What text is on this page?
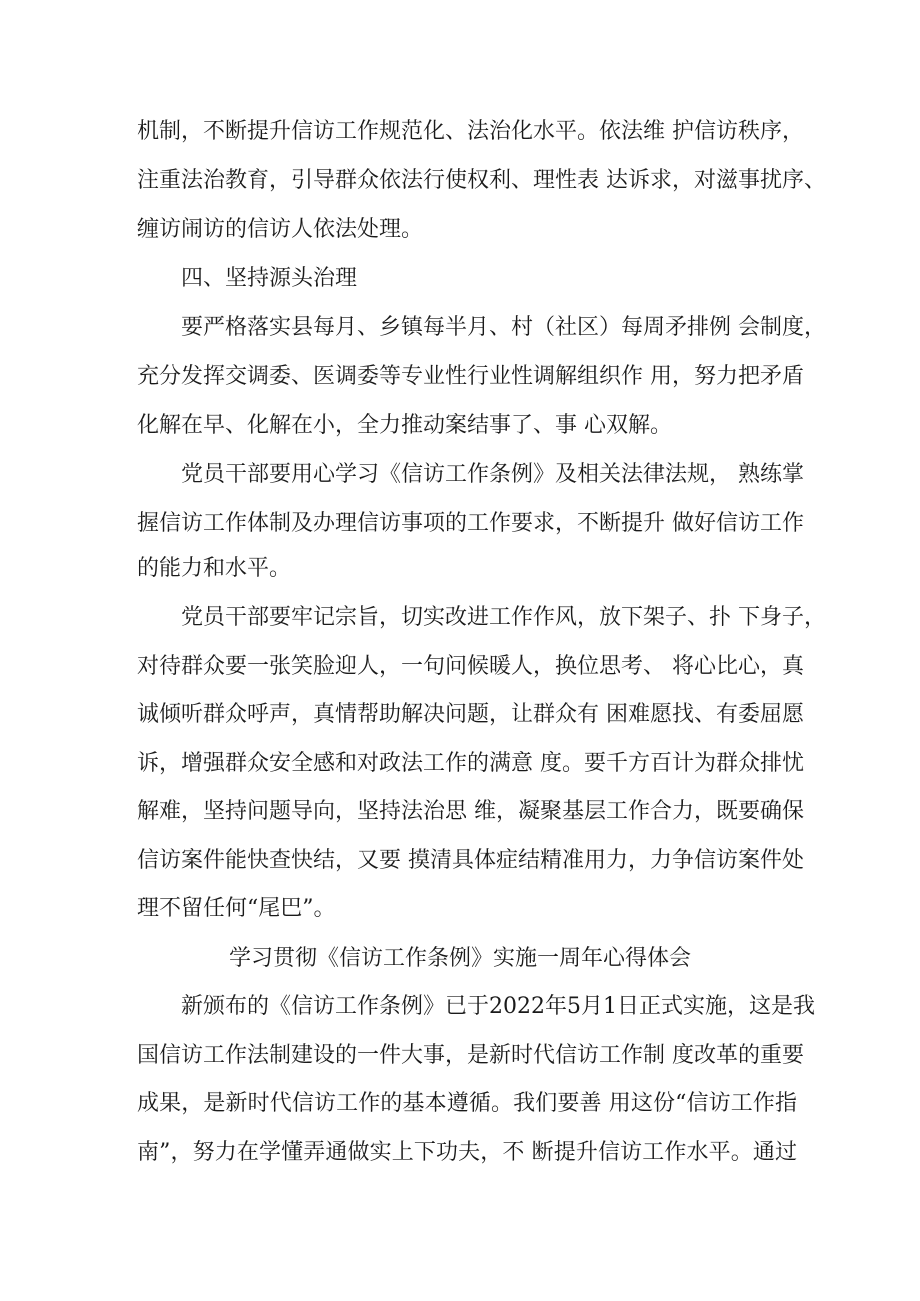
机制，不断提升信访工作规范化、法治化水平。依法维 护信访秩序，
注重法治教育，引导群众依法行使权利、理性表 达诉求，对滋事扰序、
缠访闹访的信访人依法处理。
四、坚持源头治理
要严格落实县每月、乡镇每半月、村（社区）每周矛排例 会制度，
充分发挥交调委、医调委等专业性行业性调解组织作 用，努力把矛盾
化解在早、化解在小，全力推动案结事了、事 心双解。
党员干部要用心学习《信访工作条例》及相关法律法规， 熟练掌
握信访工作体制及办理信访事项的工作要求，不断提升 做好信访工作
的能力和水平。
党员干部要牢记宗旨，切实改进工作作风，放下架子、扑 下身子，
对待群众要一张笑脸迎人，一句问候暖人，换位思考、 将心比心，真
诚倾听群众呼声，真情帮助解决问题，让群众有 困难愿找、有委屈愿
诉，增强群众安全感和对政法工作的满意 度。要千方百计为群众排忧
解难，坚持问题导向，坚持法治思 维，凝聚基层工作合力，既要确保
信访案件能快查快结，又要 摸清具体症结精准用力，力争信访案件处
理不留任何“尾巴”。
学习贯彻《信访工作条例》实施一周年心得体会
新颁布的《信访工作条例》已于2022年5月1日正式实施，这是我
国信访工作法制建设的一件大事，是新时代信访工作制 度改革的重要
成果，是新时代信访工作的基本遵循。我们要善 用这份“信访工作指
南”，努力在学懂弄通做实上下功夫，不 断提升信访工作水平。通过
